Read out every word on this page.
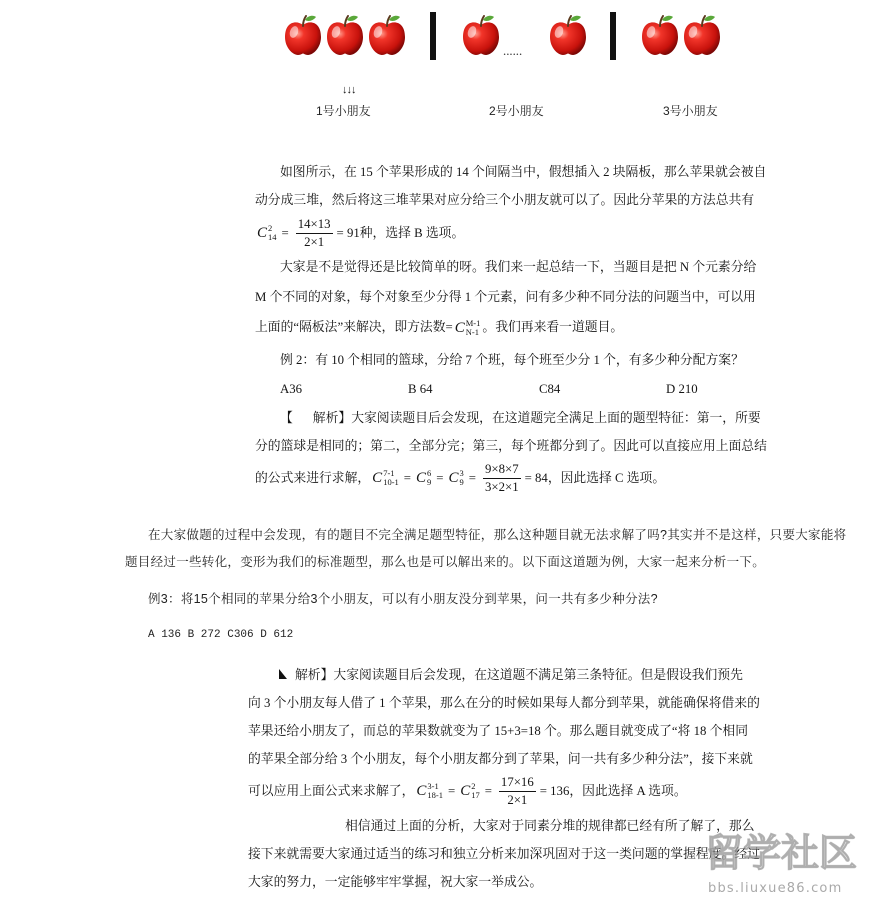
......
↓↓↓
1号小朋友	2号小朋友	3号小朋友
如图所示，在 15 个苹果形成的 14 个间隔当中，假想插入 2 块隔板，那么苹果就会被自
动分成三堆，然后将这三堆苹果对应分给三个小朋友就可以了。因此分苹果的方法总共有
C 2
$14 = \frac{14\times 13}{2\times 1} = 91$种，选择 B 选项。
大家是不是觉得还是比较简单的呀。我们来一起总结一下，当题目是把 N 个元素分给
M 个不同的对象，每个对象至少分得 1 个元素，问有多少种不同分法的问题当中，可以用
上面的“隔板法”来解决，即方法数= C M-1
N-1 。我们再来看一道题目。
例 2：有 10 个相同的篮球，分给 7 个班，每个班至少分 1 个，有多少种分配方案？
A36	B 64	C84	D 210
【 解析】大家阅读题目后会发现，在这道题完全满足上面的题型特征：第一，所要
分的篮球是相同的；第二，全部分完；第三，每个班都分到了。因此可以直接应用上面总结
的公式来进行求解， C 7-1
10-1 = C 6
9 = C 3
$9 = \frac{9\times 8\times 7}{3\times 2\times 1} = 84$，因此选择 C 选项。
在大家做题的过程中会发现，有的题目不完全满足题型特征，那么这种题目就无法求解了吗?其实并不是这样，只要大家能将
题目经过一些转化，变形为我们的标准题型，那么也是可以解出来的。以下面这道题为例，大家一起来分析一下。
例3：将15个相同的苹果分给3个小朋友，可以有小朋友没分到苹果，问一共有多少种分法?
A 136 B 272 C306 D 612
解析】大家阅读题目后会发现，在这道题不满足第三条特征。但是假设我们预先
向 3 个小朋友每人借了 1 个苹果，那么在分的时候如果每人都分到苹果，就能确保将借来的
苹果还给小朋友了，而总的苹果数就变为了 15+3=18 个。那么题目就变成了“将 18 个相同
的苹果全部分给 3 个小朋友，每个小朋友都分到了苹果，问一共有多少种分法”，接下来就
可以应用上面公式来求解了， C 3-1
18-1 = C 2
$17 = \frac{17\times 16}{2\times 1} = 136$，因此选择 A 选项。
相信通过上面的分析，大家对于同素分堆的规律都已经有所了解了，那么
接下来就需要大家通过适当的练习和独立分析来加深巩固对于这一类问题的掌握程度。经过
大家的努力，一定能够牢牢掌握，祝大家一举成公。
留学社区
bbs.liuxue86.com
